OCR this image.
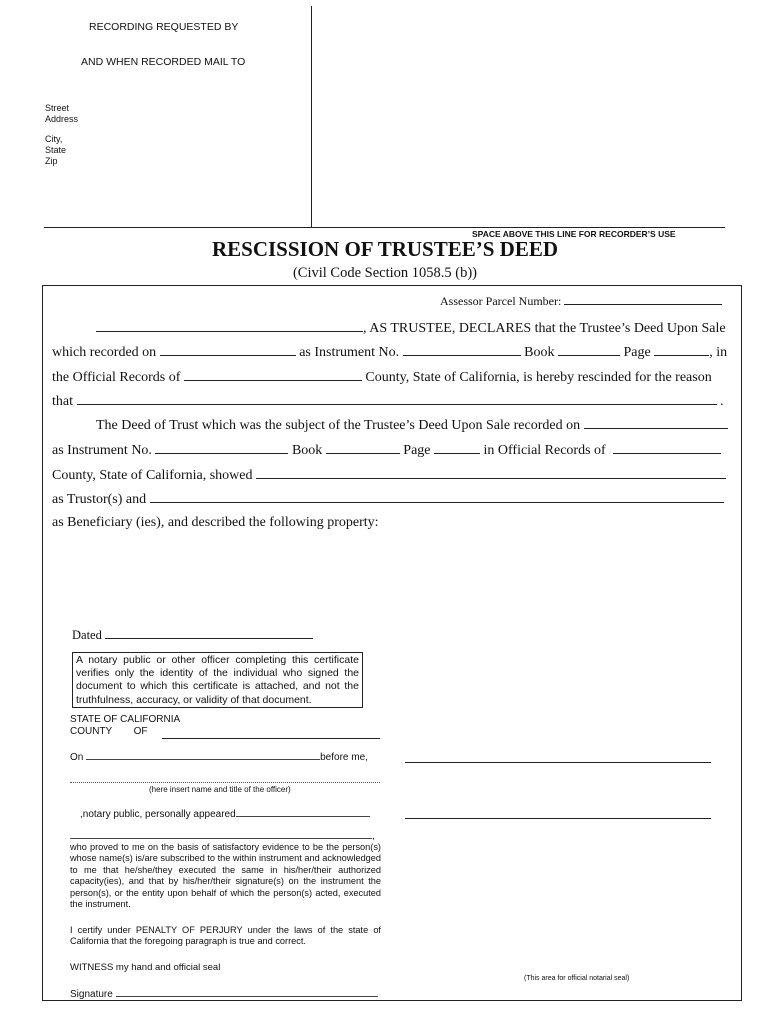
RECORDING REQUESTED BY
AND WHEN RECORDED MAIL TO
Street
Address
City,
State
Zip
SPACE ABOVE THIS LINE FOR RECORDER’S USE
RESCISSION OF TRUSTEE’S DEED
(Civil Code Section 1058.5 (b))
Assessor Parcel Number:
, AS TRUSTEE, DECLARES that the Trustee’s Deed Upon Sale
which recorded on	as Instrument No.	Book	Page	, in
the Official Records of	County, State of California, is hereby rescinded for the reason
that	.
The Deed of Trust which was the subject of the Trustee’s Deed Upon Sale recorded on
as Instrument No.	Book	Page	in Official Records of
County, State of California, showed
as Trustor(s) and
as Beneficiary (ies), and described the following property:
Dated
A notary public or other officer completing this certificate verifies only the identity of the individual who signed the document to which this certificate is attached, and not the truthfulness, accuracy, or validity of that document.
STATE OF CALIFORNIA
COUNTY OF
On	before me,
(here insert name and title of the officer)
,notary public, personally appeared
,
who proved to me on the basis of satisfactory evidence to be the person(s) whose name(s) is/are subscribed to the within instrument and acknowledged to me that he/she/they executed the same in his/her/their authorized capacity(ies), and that by his/her/their signature(s) on the instrument the person(s), or the entity upon behalf of which the person(s) acted, executed the instrument.
I certify under PENALTY OF PERJURY under the laws of the state of California that the foregoing paragraph is true and correct.
WITNESS my hand and official seal
Signature
(This area for official notarial seal)
